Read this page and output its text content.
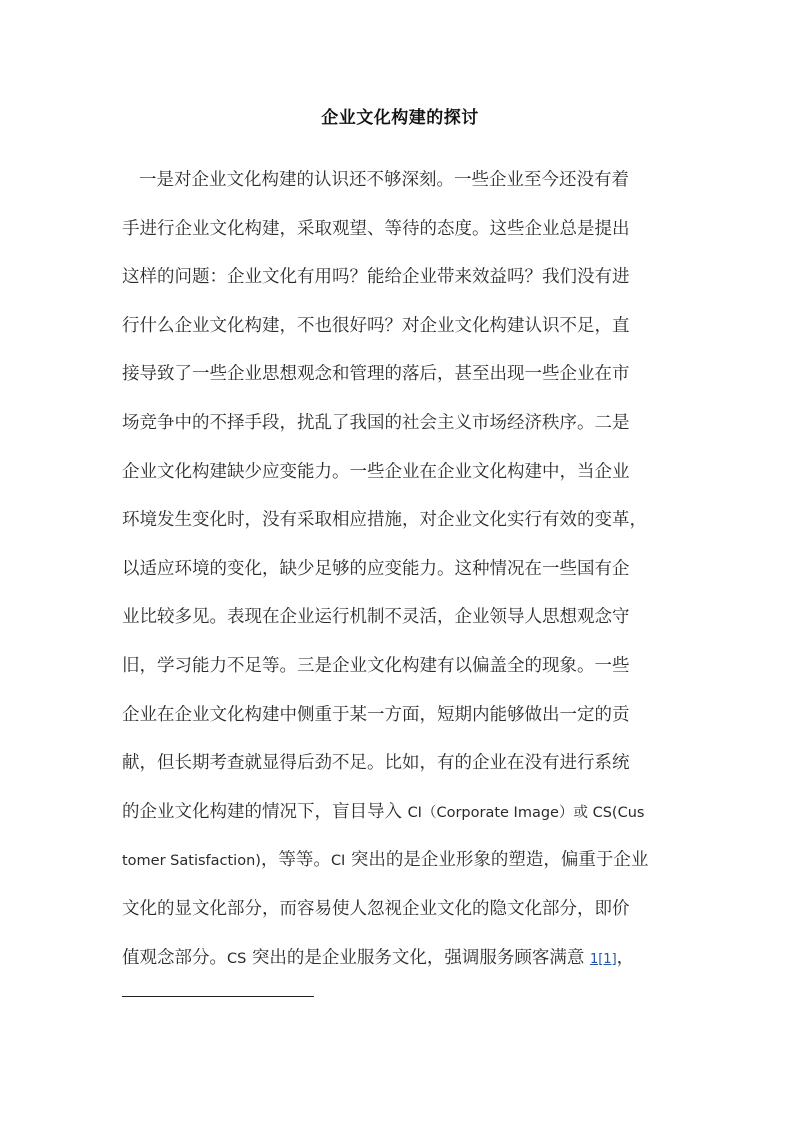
企业文化构建的探讨
一是对企业文化构建的认识还不够深刻。一些企业至今还没有着
手进行企业文化构建，采取观望、等待的态度。这些企业总是提出
这样的问题：企业文化有用吗？能给企业带来效益吗？我们没有进
行什么企业文化构建，不也很好吗？对企业文化构建认识不足，直
接导致了一些企业思想观念和管理的落后，甚至出现一些企业在市
场竞争中的不择手段，扰乱了我国的社会主义市场经济秩序。二是
企业文化构建缺少应变能力。一些企业在企业文化构建中，当企业
环境发生变化时，没有采取相应措施，对企业文化实行有效的变革，
以适应环境的变化，缺少足够的应变能力。这种情况在一些国有企
业比较多见。表现在企业运行机制不灵活，企业领导人思想观念守
旧，学习能力不足等。三是企业文化构建有以偏盖全的现象。一些
企业在企业文化构建中侧重于某一方面，短期内能够做出一定的贡
献，但长期考查就显得后劲不足。比如，有的企业在没有进行系统
的企业文化构建的情况下，盲目导入 CI（Corporate Image）或 CS(Cus
tomer Satisfaction)，等等。CI 突出的是企业形象的塑造，偏重于企业
文化的显文化部分，而容易使人忽视企业文化的隐文化部分，即价
值观念部分。CS 突出的是企业服务文化，强调服务顾客满意 1[1]，
